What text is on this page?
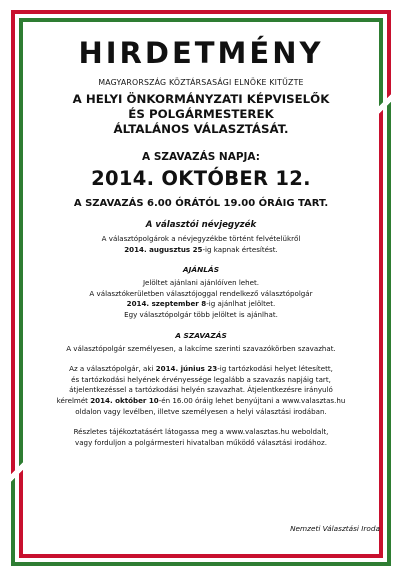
HIRDETMÉNY
MAGYARORSZÁG KÖZTÁRSASÁGI ELNÖKE KITŰZTE
A HELYI ÖNKORMÁNYZATI KÉPVISELŐK
ÉS POLGÁRMESTEREK
ÁLTALÁNOS VÁLASZTÁSÁT.
A SZAVAZÁS NAPJA:
2014. OKTÓBER 12.
A SZAVAZÁS 6.00 ÓRÁTÓL 19.00 ÓRÁIG TART.
A választói névjegyzék
A választópolgárok a névjegyzékbe történt felvételükről
2014. augusztus 25-ig kapnak értesítést.
AJÁNLÁS
Jelöltet ajánlani ajánlóíven lehet.
A választókerületben választójoggal rendelkező választópolgár
2014. szeptember 8-ig ajánlhat jelöltet.
Egy választópolgár több jelöltet is ajánlhat.
A SZAVAZÁS
A választópolgár személyesen, a lakcíme szerinti szavazókörben szavazhat.
Az a választópolgár, aki 2014. június 23-ig tartózkodási helyet létesített,
és tartózkodási helyének érvényessége legalább a szavazás napjáig tart,
átjelentkezéssel a tartózkodási helyén szavazhat. Átjelentkezésre irányuló
kérelmét 2014. október 10-én 16.00 óráig lehet benyújtani a www.valasztas.hu
oldalon vagy levélben, illetve személyesen a helyi választási irodában.
Részletes tájékoztatásért látogassa meg a www.valasztas.hu weboldalt,
vagy forduljon a polgármesteri hivatalban működő választási irodához.
Nemzeti Választási Iroda
